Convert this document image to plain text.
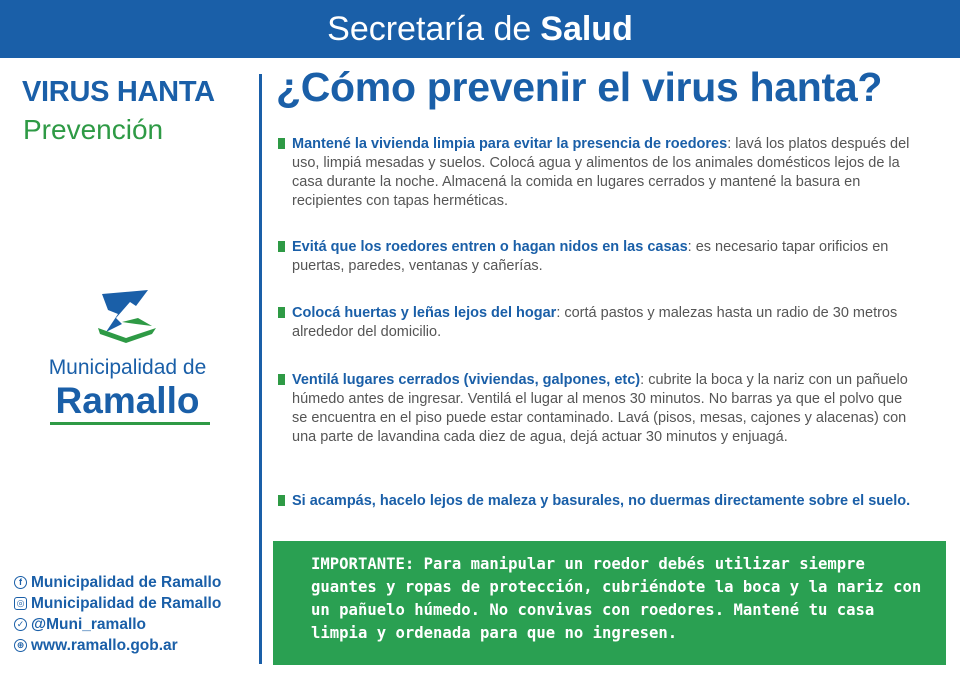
Secretaría de Salud
VIRUS HANTA
Prevención
Municipalidad de
Ramallo
f Municipalidad de Ramallo
◎ Municipalidad de Ramallo
✓ @Muni_ramallo
⊕ www.ramallo.gob.ar
¿Cómo prevenir el virus hanta?
Mantené la vivienda limpia para evitar la presencia de roedores: lavá los platos después del uso, limpiá mesadas y suelos. Colocá agua y alimentos de los animales domésticos lejos de la casa durante la noche. Almacená la comida en lugares cerrados y mantené la basura en recipientes con tapas herméticas.
Evitá que los roedores entren o hagan nidos en las casas: es necesario tapar orificios en puertas, paredes, ventanas y cañerías.
Colocá huertas y leñas lejos del hogar: cortá pastos y malezas hasta un radio de 30 metros alrededor del domicilio.
Ventilá lugares cerrados (viviendas, galpones, etc): cubrite la boca y la nariz con un pañuelo húmedo antes de ingresar. Ventilá el lugar al menos 30 minutos. No barras ya que el polvo que se encuentra en el piso puede estar contaminado. Lavá (pisos, mesas, cajones y alacenas) con una parte de lavandina cada diez de agua, dejá actuar 30 minutos y enjuagá.
Si acampás, hacelo lejos de maleza y basurales, no duermas directamente sobre el suelo.
IMPORTANTE: Para manipular un roedor debés utilizar siempre guantes y ropas de protección, cubriéndote la boca y la nariz con un pañuelo húmedo. No convivas con roedores. Mantené tu casa limpia y ordenada para que no ingresen.
